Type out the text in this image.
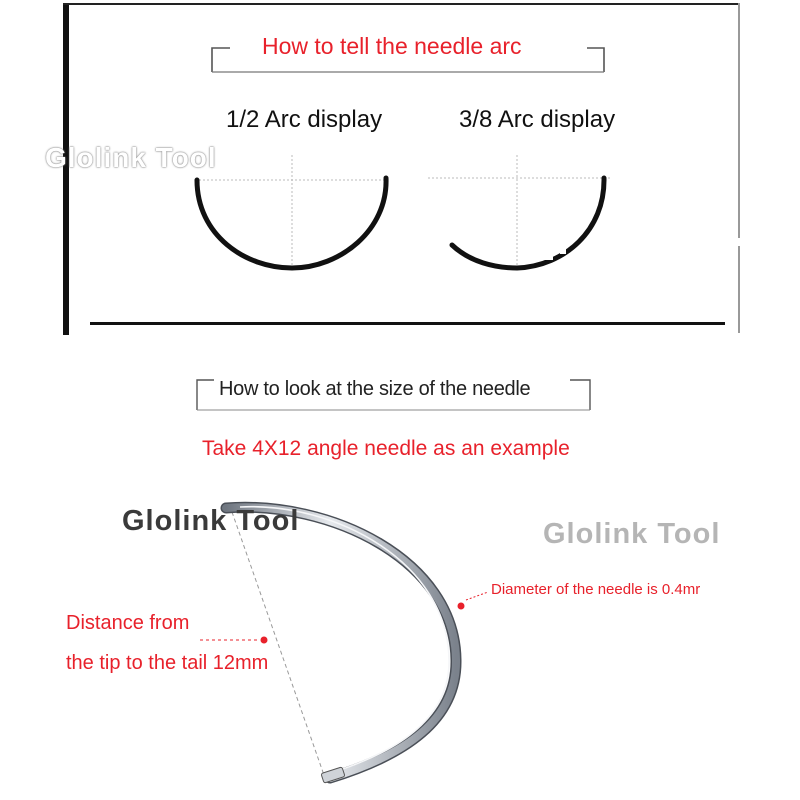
How to tell the needle arc
1/2 Arc display	3/8 Arc display
Glolink Tool
How to look at the size of the needle
Take 4X12 angle needle as an example
Glolink Tool	Glolink Tool
Diameter of the needle is 0.4mr
Distance from
the tip to the tail 12mm
